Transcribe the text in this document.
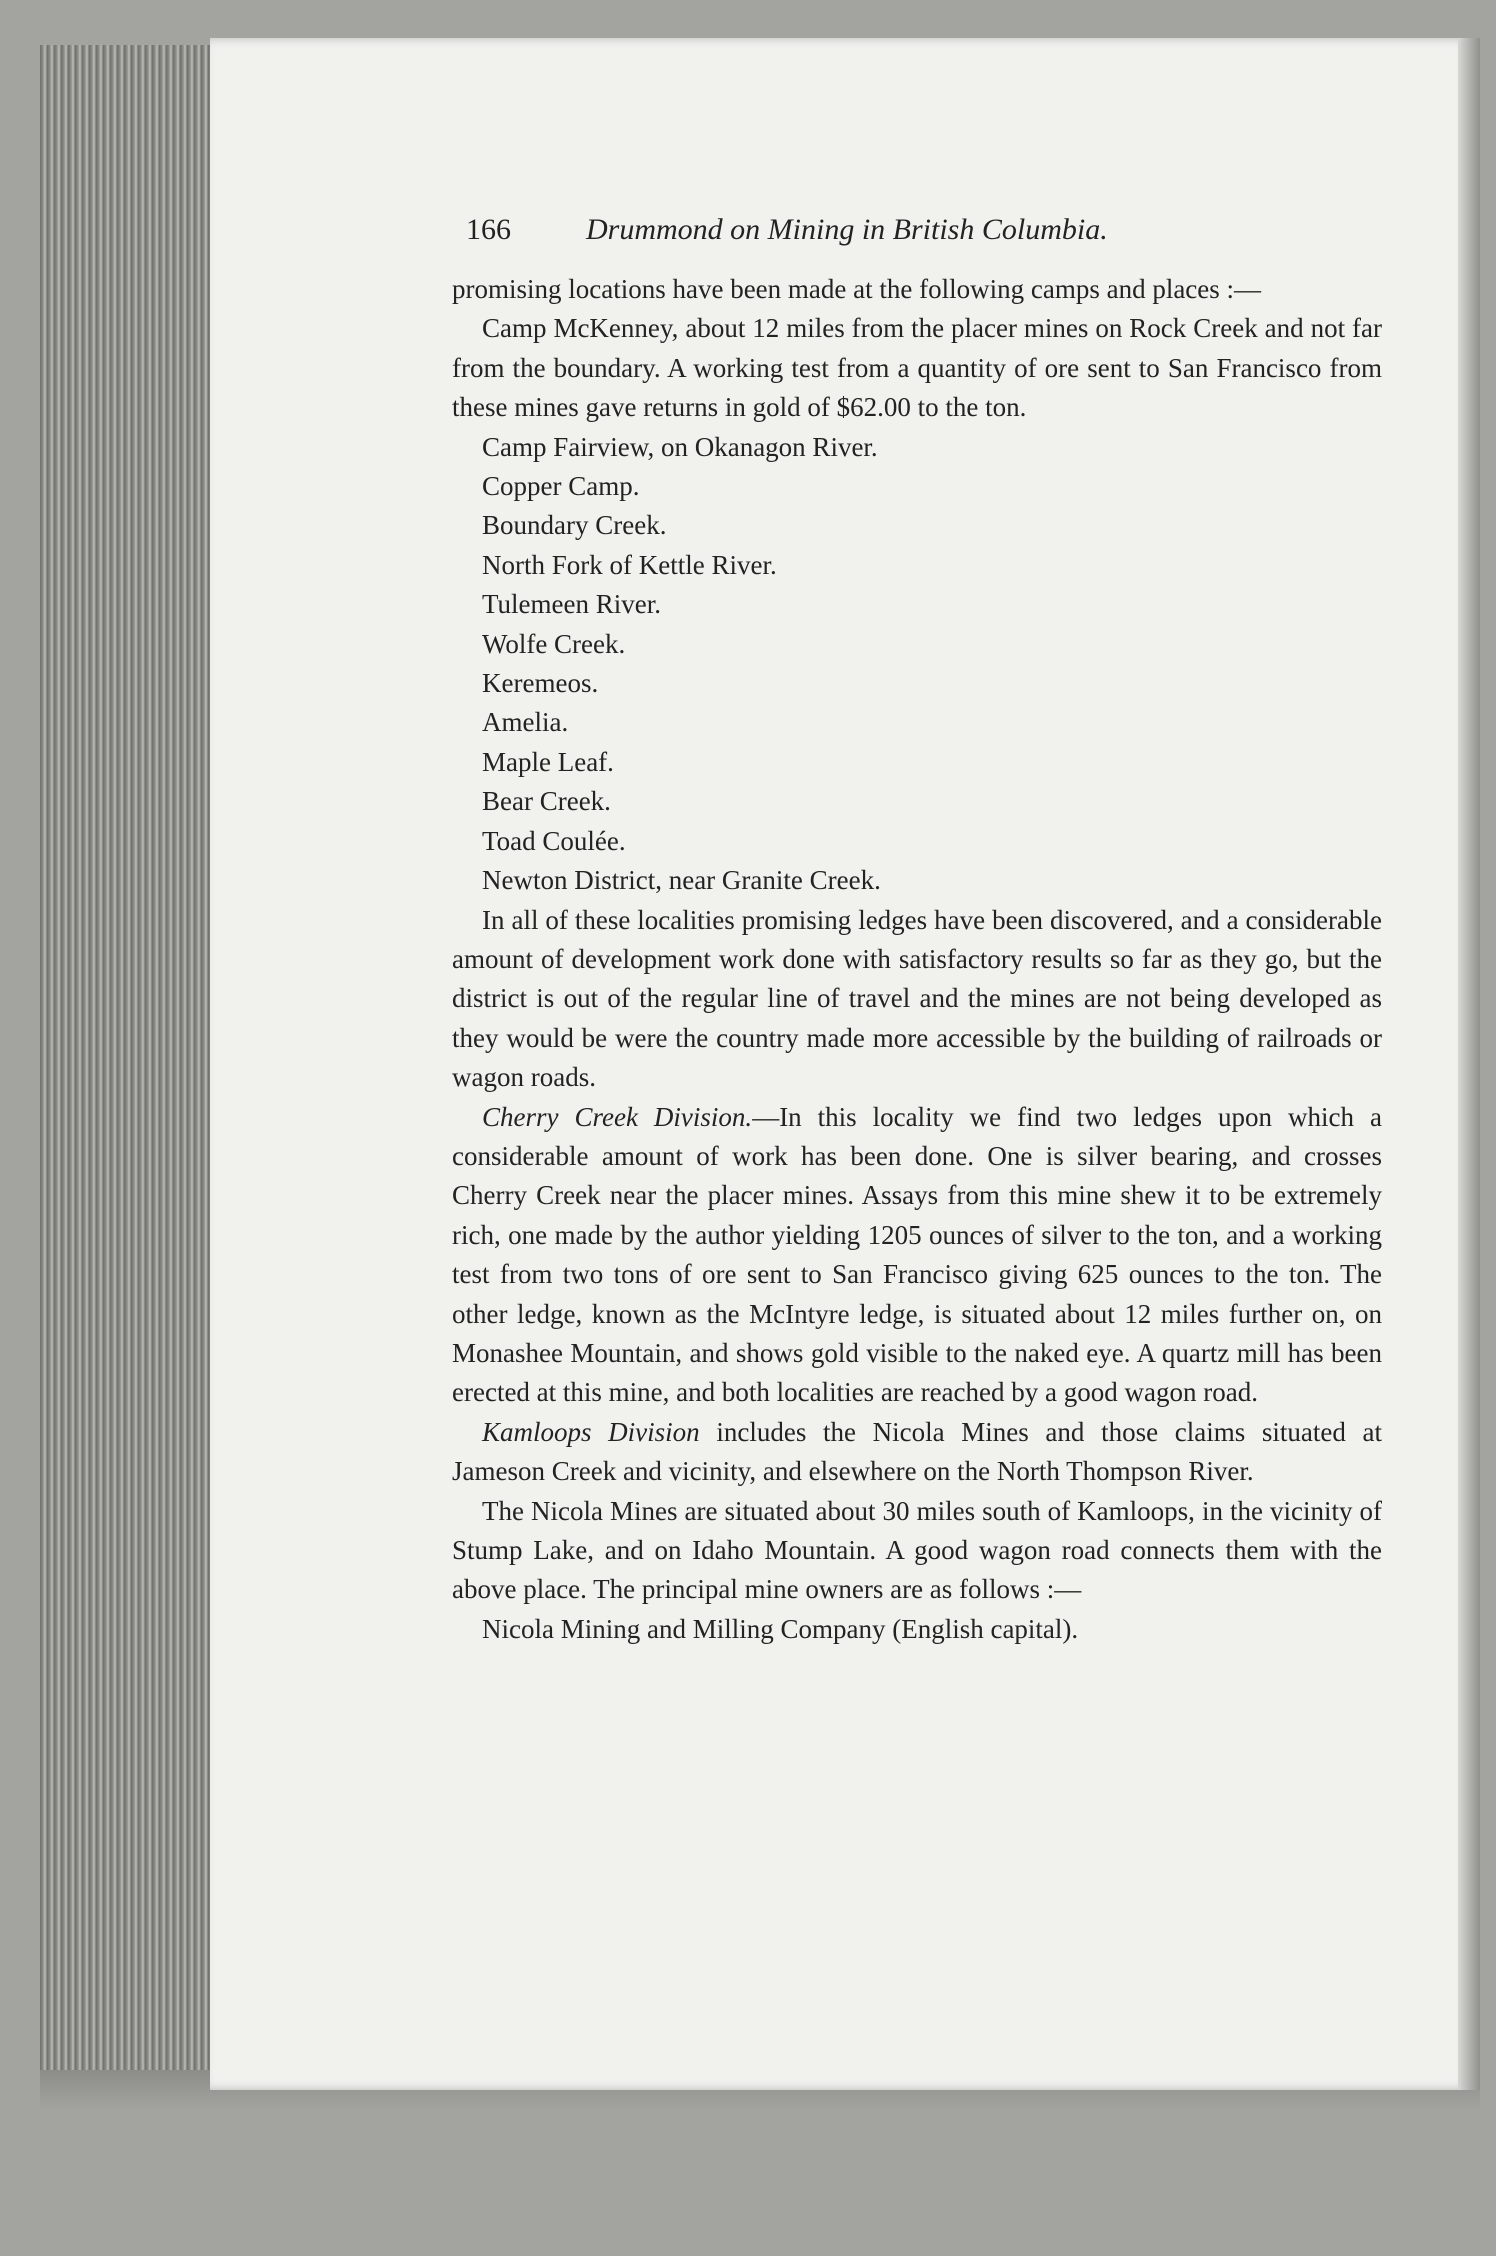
166	Drummond on Mining in British Columbia.

promising locations have been made at the following camps and places :—

Camp McKenney, about 12 miles from the placer mines on Rock Creek and not far from the boundary. A working test from a quantity of ore sent to San Francisco from these mines gave returns in gold of $62.00 to the ton.

Camp Fairview, on Okanagon River.
Copper Camp.
Boundary Creek.
North Fork of Kettle River.
Tulemeen River.
Wolfe Creek.
Keremeos.
Amelia.
Maple Leaf.
Bear Creek.
Toad Coulée.
Newton District, near Granite Creek.

In all of these localities promising ledges have been discovered, and a considerable amount of development work done with satisfactory results so far as they go, but the district is out of the regular line of travel and the mines are not being developed as they would be were the country made more accessible by the building of railroads or wagon roads.

Cherry Creek Division.—In this locality we find two ledges upon which a considerable amount of work has been done. One is silver bearing, and crosses Cherry Creek near the placer mines. Assays from this mine shew it to be extremely rich, one made by the author yielding 1205 ounces of silver to the ton, and a working test from two tons of ore sent to San Francisco giving 625 ounces to the ton. The other ledge, known as the McIntyre ledge, is situated about 12 miles further on, on Monashee Mountain, and shows gold visible to the naked eye. A quartz mill has been erected at this mine, and both localities are reached by a good wagon road.

Kamloops Division includes the Nicola Mines and those claims situated at Jameson Creek and vicinity, and elsewhere on the North Thompson River.

The Nicola Mines are situated about 30 miles south of Kamloops, in the vicinity of Stump Lake, and on Idaho Mountain. A good wagon road connects them with the above place. The principal mine owners are as follows :—

Nicola Mining and Milling Company (English capital).
